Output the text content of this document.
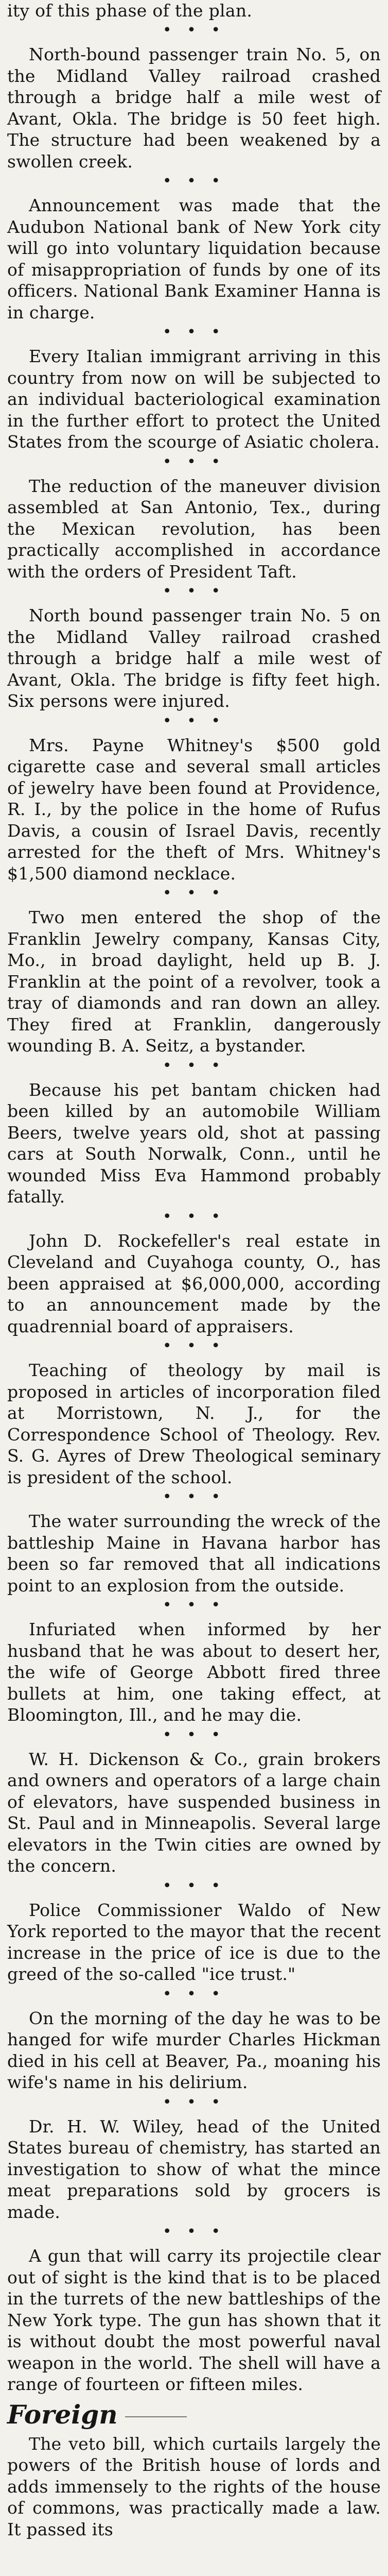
ity of this phase of the plan.
• • •

North-bound passenger train No. 5, on the Midland Valley railroad crashed through a bridge half a mile west of Avant, Okla. The bridge is 50 feet high. The structure had been weakened by a swollen creek.

• • •

Announcement was made that the Audubon National bank of New York city will go into voluntary liquidation because of misappropriation of funds by one of its officers. National Bank Examiner Hanna is in charge.

• • •

Every Italian immigrant arriving in this country from now on will be subjected to an individual bacteriological examination in the further effort to protect the United States from the scourge of Asiatic cholera.

• • •

The reduction of the maneuver division assembled at San Antonio, Tex., during the Mexican revolution, has been practically accomplished in accordance with the orders of President Taft.

• • •

North bound passenger train No. 5 on the Midland Valley railroad crashed through a bridge half a mile west of Avant, Okla. The bridge is fifty feet high. Six persons were injured.

• • •

Mrs. Payne Whitney's $500 gold cigarette case and several small articles of jewelry have been found at Providence, R. I., by the police in the home of Rufus Davis, a cousin of Israel Davis, recently arrested for the theft of Mrs. Whitney's $1,500 diamond necklace.

• • •

Two men entered the shop of the Franklin Jewelry company, Kansas City, Mo., in broad daylight, held up B. J. Franklin at the point of a revolver, took a tray of diamonds and ran down an alley. They fired at Franklin, dangerously wounding B. A. Seitz, a bystander.

• • •

Because his pet bantam chicken had been killed by an automobile William Beers, twelve years old, shot at passing cars at South Norwalk, Conn., until he wounded Miss Eva Hammond probably fatally.

• • •

John D. Rockefeller's real estate in Cleveland and Cuyahoga county, O., has been appraised at $6,000,000, according to an announcement made by the quadrennial board of appraisers.

• • •

Teaching of theology by mail is proposed in articles of incorporation filed at Morristown, N. J., for the Correspondence School of Theology. Rev. S. G. Ayres of Drew Theological seminary is president of the school.

• • •

The water surrounding the wreck of the battleship Maine in Havana harbor has been so far removed that all indications point to an explosion from the outside.

• • •

Infuriated when informed by her husband that he was about to desert her, the wife of George Abbott fired three bullets at him, one taking effect, at Bloomington, Ill., and he may die.

• • •

W. H. Dickenson & Co., grain brokers and owners and operators of a large chain of elevators, have suspended business in St. Paul and in Minneapolis. Several large elevators in the Twin cities are owned by the concern.

• • •

Police Commissioner Waldo of New York reported to the mayor that the recent increase in the price of ice is due to the greed of the so-called "ice trust."

• • •

On the morning of the day he was to be hanged for wife murder Charles Hickman died in his cell at Beaver, Pa., moaning his wife's name in his delirium.

• • •

Dr. H. W. Wiley, head of the United States bureau of chemistry, has started an investigation to show of what the mince meat preparations sold by grocers is made.

• • •

A gun that will carry its projectile clear out of sight is the kind that is to be placed in the turrets of the new battleships of the New York type. The gun has shown that it is without doubt the most powerful naval weapon in the world. The shell will have a range of fourteen or fifteen miles.

Foreign

The veto bill, which curtails largely the powers of the British house of lords and adds immensely to the rights of the house of commons, was practically made a law. It passed its
